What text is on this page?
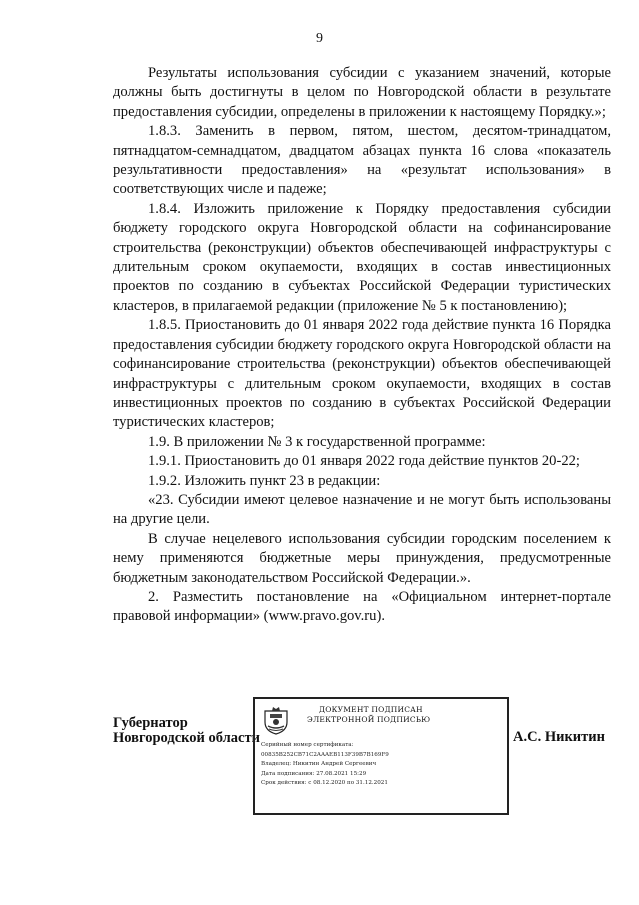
9

Результаты использования субсидии с указанием значений, которые должны быть достигнуты в целом по Новгородской области в результате предоставления субсидии, определены в приложении к настоящему Порядку.»;

1.8.3. Заменить в первом, пятом, шестом, десятом-тринадцатом, пятнадцатом-семнадцатом, двадцатом абзацах пункта 16 слова «показатель результативности предоставления» на «результат использования» в соответствующих числе и падеже;

1.8.4. Изложить приложение к Порядку предоставления субсидии бюджету городского округа Новгородской области на софинансирование строительства (реконструкции) объектов обеспечивающей инфраструктуры с длительным сроком окупаемости, входящих в состав инвестиционных проектов по созданию в субъектах Российской Федерации туристических кластеров, в прилагаемой редакции (приложение № 5 к постановлению);

1.8.5. Приостановить до 01 января 2022 года действие пункта 16 Порядка предоставления субсидии бюджету городского округа Новгородской области на софинансирование строительства (реконструкции) объектов обеспечивающей инфраструктуры с длительным сроком окупаемости, входящих в состав инвестиционных проектов по созданию в субъектах Российской Федерации туристических кластеров;

1.9. В приложении № 3 к государственной программе:

1.9.1. Приостановить до 01 января 2022 года действие пунктов 20-22;

1.9.2. Изложить пункт 23 в редакции:

«23. Субсидии имеют целевое назначение и не могут быть использованы на другие цели.

В случае нецелевого использования субсидии городским поселением к нему применяются бюджетные меры принуждения, предусмотренные бюджетным законодательством Российской Федерации.».

2. Разместить постановление на «Официальном интернет-портале правовой информации» (www.pravo.gov.ru).

Губернатор
Новгородской области
ДОКУМЕНТ ПОДПИСАН
ЭЛЕКТРОННОЙ ПОДПИСЬЮ
Серийный номер сертификата:
00835B252CB71C2AAAEB113F39B7B169F9
Владелец: Никитин Андрей Сергеевич
Дата подписания: 27.08.2021 15:29
Срок действия: с 08.12.2020 по 31.12.2021
А.С. Никитин
